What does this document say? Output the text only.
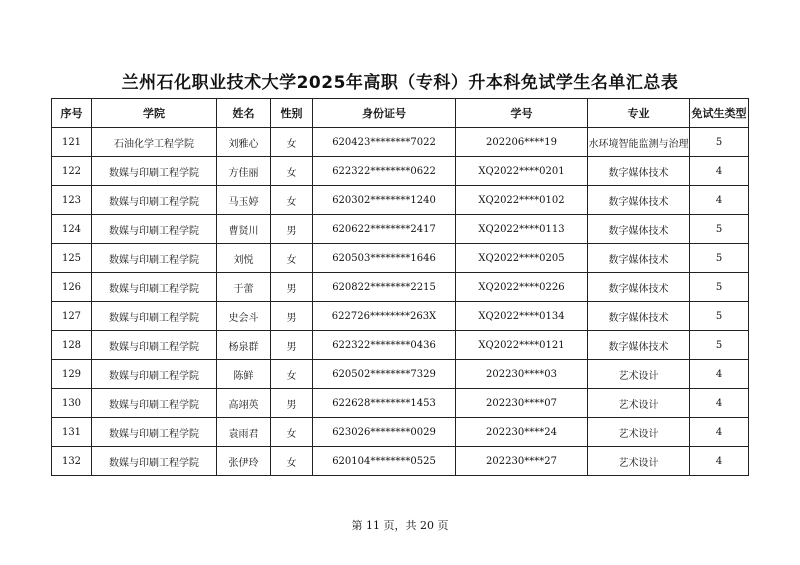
兰州石化职业技术大学2025年高职（专科）升本科免试学生名单汇总表
序号	学院	姓名	性别	身份证号	学号	专业	免试生类型
121	石油化学工程学院	刘雅心	女	620423********7022	202206****19	水环境智能监测与治理	5
122	数媒与印刷工程学院	方佳丽	女	622322********0622	XQ2022****0201	数字媒体技术	4
123	数媒与印刷工程学院	马玉婷	女	620302********1240	XQ2022****0102	数字媒体技术	4
124	数媒与印刷工程学院	曹贤川	男	620622********2417	XQ2022****0113	数字媒体技术	5
125	数媒与印刷工程学院	刘悦	女	620503********1646	XQ2022****0205	数字媒体技术	5
126	数媒与印刷工程学院	于蕾	男	620822********2215	XQ2022****0226	数字媒体技术	5
127	数媒与印刷工程学院	史会斗	男	622726********263X	XQ2022****0134	数字媒体技术	5
128	数媒与印刷工程学院	杨泉群	男	622322********0436	XQ2022****0121	数字媒体技术	5
129	数媒与印刷工程学院	陈鲜	女	620502********7329	202230****03	艺术设计	4
130	数媒与印刷工程学院	高翊英	男	622628********1453	202230****07	艺术设计	4
131	数媒与印刷工程学院	袁雨君	女	623026********0029	202230****24	艺术设计	4
132	数媒与印刷工程学院	张伊玲	女	620104********0525	202230****27	艺术设计	4
第 11 页，共 20 页
